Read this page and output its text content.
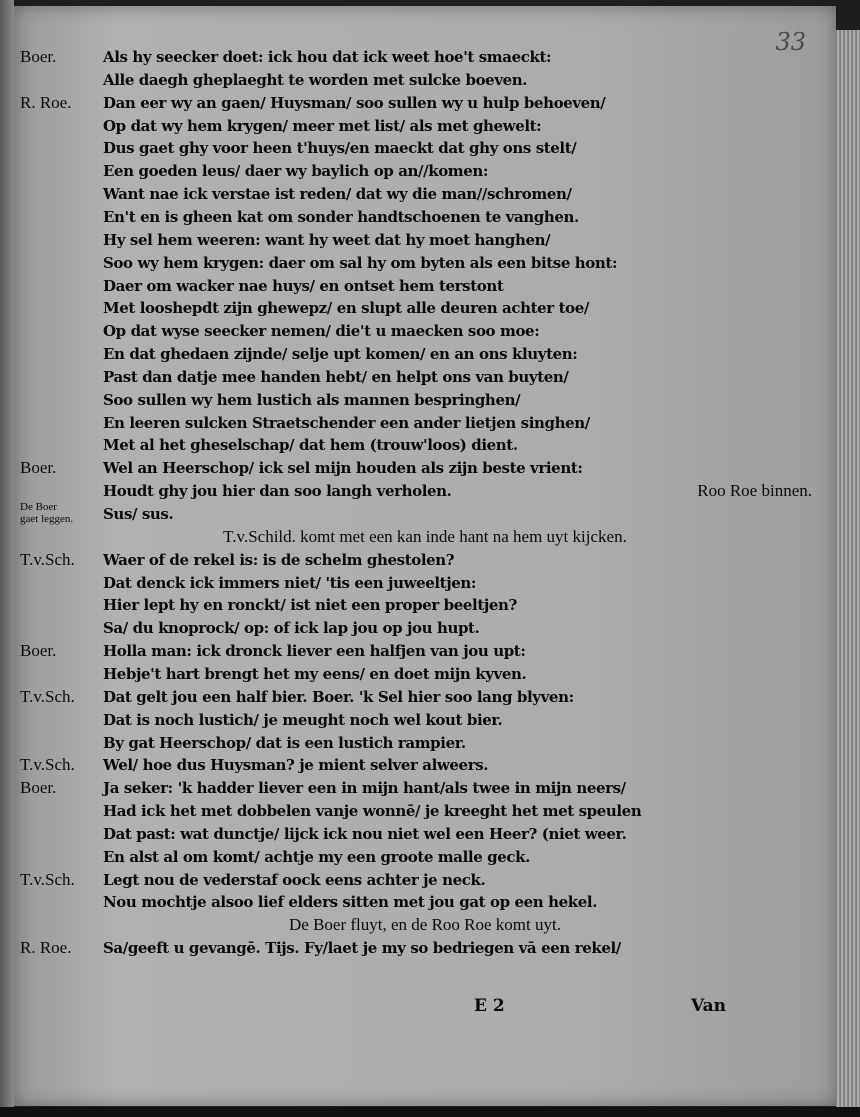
33
Boer.	Als hy seecker doet: ick hou dat ick weet hoe't smaeckt:
Alle daegh gheplaeght te worden met sulcke boeven.
R. Roe. Dan eer wy an gaen/ Huysman/ soo sullen wy u hulp behoeven/
Op dat wy hem krygen/ meer met list/ als met ghewelt:
Dus gaet ghy voor heen t'huys/en maeckt dat ghy ons stelt/
Een goeden leus/ daer wy baylich op an//komen:
Want nae ick verstae ist reden/ dat wy die man//schromen/
En't en is gheen kat om sonder handtschoenen te vanghen.
Hy sel hem weeren: want hy weet dat hy moet hanghen/
Soo wy hem krygen: daer om sal hy om byten als een bitse hont:
Daer om wacker nae huys/ en ontset hem terstont
Met looshepdt zijn ghewepz/ en slupt alle deuren achter toe/
Op dat wyse seecker nemen/ die't u maecken soo moe:
En dat ghedaen zijnde/ selje upt komen/ en an ons kluyten:
Past dan datje mee handen hebt/ en helpt ons van buyten/
Soo sullen wy hem lustich als mannen bespringhen/
En leeren sulcken Straetschender een ander lietjen singhen/
Met al het gheselschap/ dat hem (trouw'loos) dient.
Boer.	Wel an Heerschop/ ick sel mijn houden als zijn beste vrient:
Houdt ghy jou hier dan soo langh verholen.	Roo Roe binnen.
De Boer
gaet leggen. Sus/ sus.
T.v.Schild. komt met een kan inde hant na hem uyt kijcken.
T.v.Sch. Waer of de rekel is: is de schelm ghestolen?
Dat denck ick immers niet/ 'tis een juweeltjen:
Hier lept hy en ronckt/ ist niet een proper beeltjen?
Sa/ du knoprock/ op: of ick lap jou op jou hupt.
Boer.	Holla man: ick dronck liever een halfjen van jou upt:
Hebje't hart brengt het my eens/ en doet mijn kyven.
T.v.Sch. Dat gelt jou een half bier. Boer. 'k Sel hier soo lang blyven:
Dat is noch lustich/ je meught noch wel kout bier.
By gat Heerschop/ dat is een lustich rampier.
T.v.Sch. Wel/ hoe dus Huysman? je mient selver alweers.
Boer.	Ja seker: 'k hadder liever een in mijn hant/als twee in mijn neers/
Had ick het met dobbelen vanje wonnē/ je kreeght het met speulen
Dat past: wat dunctje/ lijck ick nou niet wel een Heer? (niet weer.
En alst al om komt/ achtje my een groote malle geck.
T.v.Sch. Legt nou de vederstaf oock eens achter je neck.
Nou mochtje alsoo lief elders sitten met jou gat op een hekel.
De Boer fluyt, en de Roo Roe komt uyt.
R. Roe. Sa/geeft u gevangē. Tijs. Fy/laet je my so bedriegen vā een rekel/
E 2	Van
